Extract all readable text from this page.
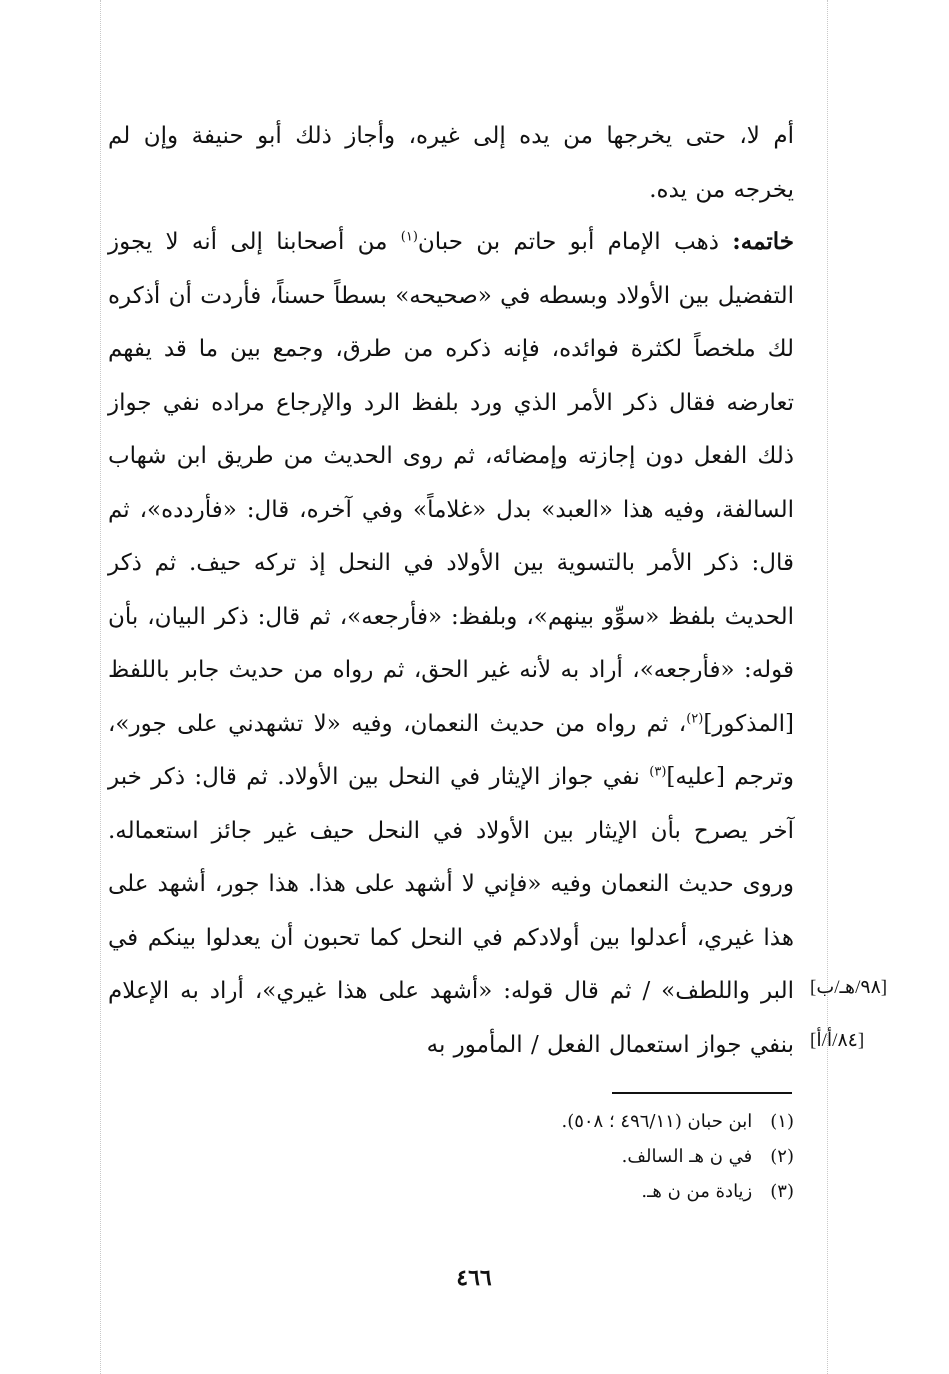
أم لا، حتى يخرجها من يده إلى غيره، وأجاز ذلك أبو حنيفة وإن لم يخرجه من يده.
خاتمه: ذهب الإمام أبو حاتم بن حبان$^{(١)}$ من أصحابنا إلى أنه لا يجوز التفضيل بين الأولاد وبسطه في «صحيحه» بسطاً حسناً، فأردت أن أذكره لك ملخصاً لكثرة فوائده، فإنه ذكره من طرق، وجمع بين ما قد يفهم تعارضه فقال ذكر الأمر الذي ورد بلفظ الرد والإرجاع مراده نفي جواز ذلك الفعل دون إجازته وإمضائه، ثم روى الحديث من طريق ابن شهاب السالفة، وفيه هذا «العبد» بدل «غلاماً» وفي آخره، قال: «فأردده»، ثم قال: ذكر الأمر بالتسوية بين الأولاد في النحل إذ تركه حيف. ثم ذكر الحديث بلفظ «سوِّو بينهم»، وبلفظ: «فأرجعه»، ثم قال: ذكر البيان، بأن قوله: «فأرجعه»، أراد به لأنه غير الحق، ثم رواه من حديث جابر باللفظ [المذكور]$^{(٢)}$، ثم رواه من حديث النعمان، وفيه «لا تشهدني على جور»، وترجم [عليه]$^{(٣)}$ نفي جواز الإيثار في النحل بين الأولاد. ثم قال: ذكر خبر آخر يصرح بأن الإيثار بين الأولاد في النحل حيف غير جائز استعماله. وروى حديث النعمان وفيه «فإني لا أشهد على هذا. هذا جور، أشهد على هذا غيري، أعدلوا بين أولادكم في النحل كما تحبون أن يعدلوا بينكم في البر واللطف» / ثم قال قوله: «أشهد على هذا غيري»، أراد به الإعلام بنفي جواز استعمال الفعل / المأمور به
[٩٨/هـ/ب]
[٨٤/أ/أ]
(١)ابن حبان (٤٩٦/١١ ؛ ٥٠٨).
(٢)في ن هـ السالف.
(٣)زيادة من ن هـ.
٤٦٦
